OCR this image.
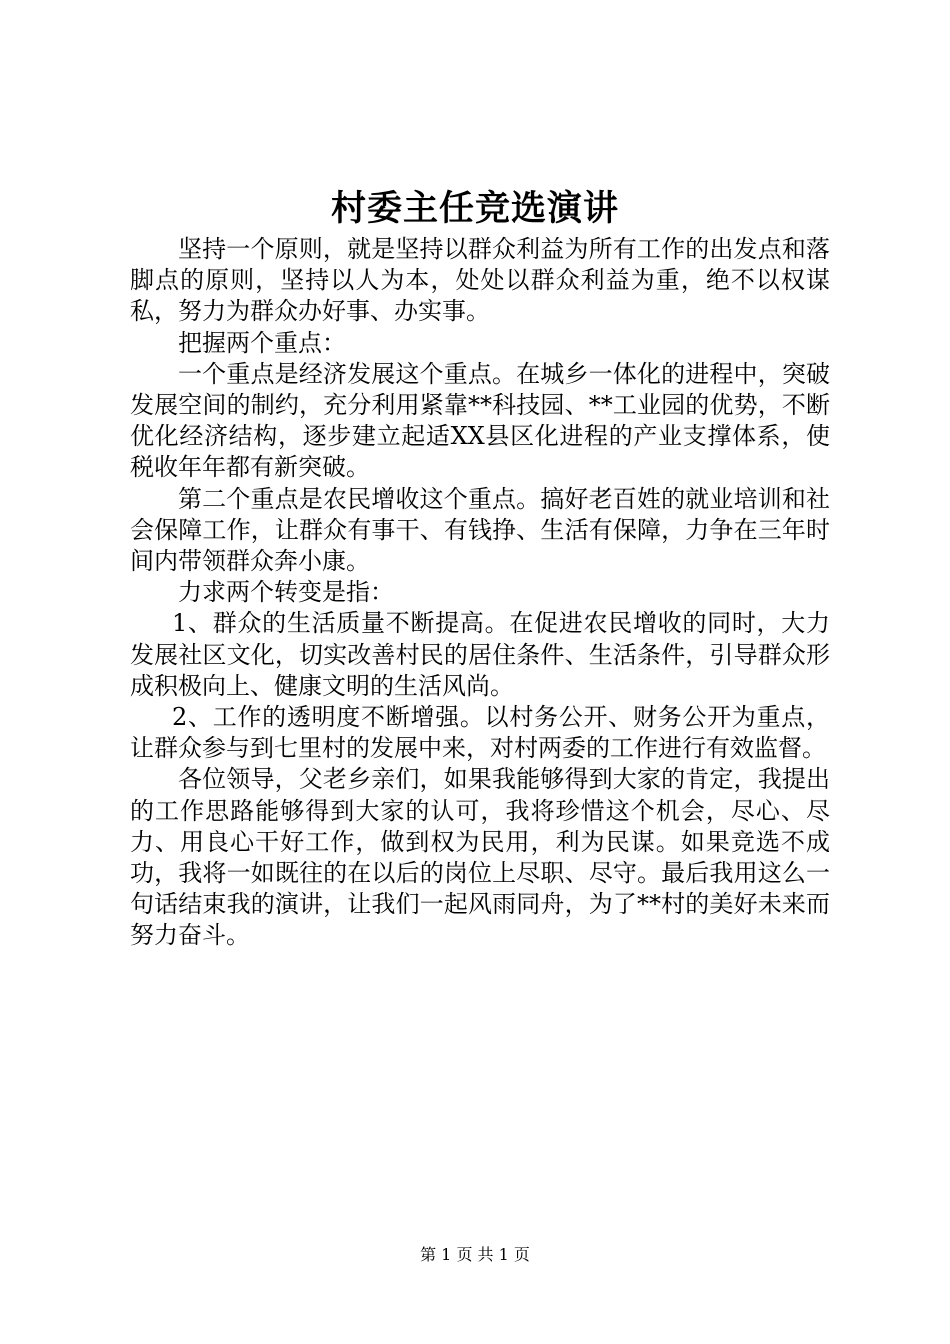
村委主任竞选演讲

坚持一个原则，就是坚持以群众利益为所有工作的出发点和落脚点的原则，坚持以人为本，处处以群众利益为重，绝不以权谋私，努力为群众办好事、办实事。

把握两个重点：

一个重点是经济发展这个重点。在城乡一体化的进程中，突破发展空间的制约，充分利用紧靠**科技园、**工业园的优势，不断优化经济结构，逐步建立起适XX县区化进程的产业支撑体系，使税收年年都有新突破。

第二个重点是农民增收这个重点。搞好老百姓的就业培训和社会保障工作，让群众有事干、有钱挣、生活有保障，力争在三年时间内带领群众奔小康。

力求两个转变是指：

1、群众的生活质量不断提高。在促进农民增收的同时，大力发展社区文化，切实改善村民的居住条件、生活条件，引导群众形成积极向上、健康文明的生活风尚。

2、工作的透明度不断增强。以村务公开、财务公开为重点，让群众参与到七里村的发展中来，对村两委的工作进行有效监督。

各位领导，父老乡亲们，如果我能够得到大家的肯定，我提出的工作思路能够得到大家的认可，我将珍惜这个机会，尽心、尽力、用良心干好工作，做到权为民用，利为民谋。如果竞选不成功，我将一如既往的在以后的岗位上尽职、尽守。最后我用这么一句话结束我的演讲，让我们一起风雨同舟，为了**村的美好未来而努力奋斗。

第 1 页 共 1 页
